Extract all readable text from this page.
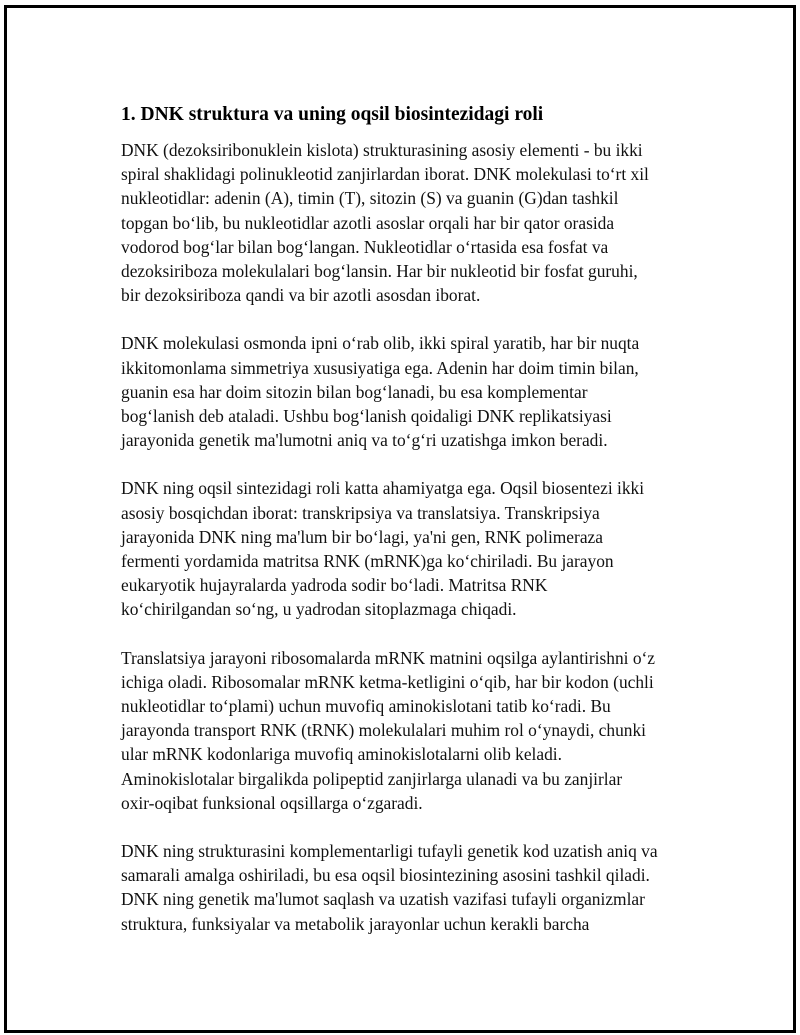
1. DNK struktura va uning oqsil biosintezidagi roli

DNK (dezoksiribonuklein kislota) strukturasining asosiy elementi - bu ikki
spiral shaklidagi polinukleotid zanjirlardan iborat. DNK molekulasi to‘rt xil
nukleotidlar: adenin (A), timin (T), sitozin (S) va guanin (G)dan tashkil
topgan bo‘lib, bu nukleotidlar azotli asoslar orqali har bir qator orasida
vodorod bog‘lar bilan bog‘langan. Nukleotidlar o‘rtasida esa fosfat va
dezoksiriboza molekulalari bog‘lansin. Har bir nukleotid bir fosfat guruhi,
bir dezoksiriboza qandi va bir azotli asosdan iborat.

DNK molekulasi osmonda ipni o‘rab olib, ikki spiral yaratib, har bir nuqta
ikkitomonlama simmetriya xususiyatiga ega. Adenin har doim timin bilan,
guanin esa har doim sitozin bilan bog‘lanadi, bu esa komplementar
bog‘lanish deb ataladi. Ushbu bog‘lanish qoidaligi DNK replikatsiyasi
jarayonida genetik ma'lumotni aniq va to‘g‘ri uzatishga imkon beradi.

DNK ning oqsil sintezidagi roli katta ahamiyatga ega. Oqsil biosentezi ikki
asosiy bosqichdan iborat: transkripsiya va translatsiya. Transkripsiya
jarayonida DNK ning ma'lum bir bo‘lagi, ya'ni gen, RNK polimeraza
fermenti yordamida matritsa RNK (mRNK)ga ko‘chiriladi. Bu jarayon
eukaryotik hujayralarda yadroda sodir bo‘ladi. Matritsa RNK
ko‘chirilgandan so‘ng, u yadrodan sitoplazmaga chiqadi.

Translatsiya jarayoni ribosomalarda mRNK matnini oqsilga aylantirishni o‘z
ichiga oladi. Ribosomalar mRNK ketma-ketligini o‘qib, har bir kodon (uchli
nukleotidlar to‘plami) uchun muvofiq aminokislotani tatib ko‘radi. Bu
jarayonda transport RNK (tRNK) molekulalari muhim rol o‘ynaydi, chunki
ular mRNK kodonlariga muvofiq aminokislotalarni olib keladi.
Aminokislotalar birgalikda polipeptid zanjirlarga ulanadi va bu zanjirlar
oxir-oqibat funksional oqsillarga o‘zgaradi.

DNK ning strukturasini komplementarligi tufayli genetik kod uzatish aniq va
samarali amalga oshiriladi, bu esa oqsil biosintezining asosini tashkil qiladi.
DNK ning genetik ma'lumot saqlash va uzatish vazifasi tufayli organizmlar
struktura, funksiyalar va metabolik jarayonlar uchun kerakli barcha
